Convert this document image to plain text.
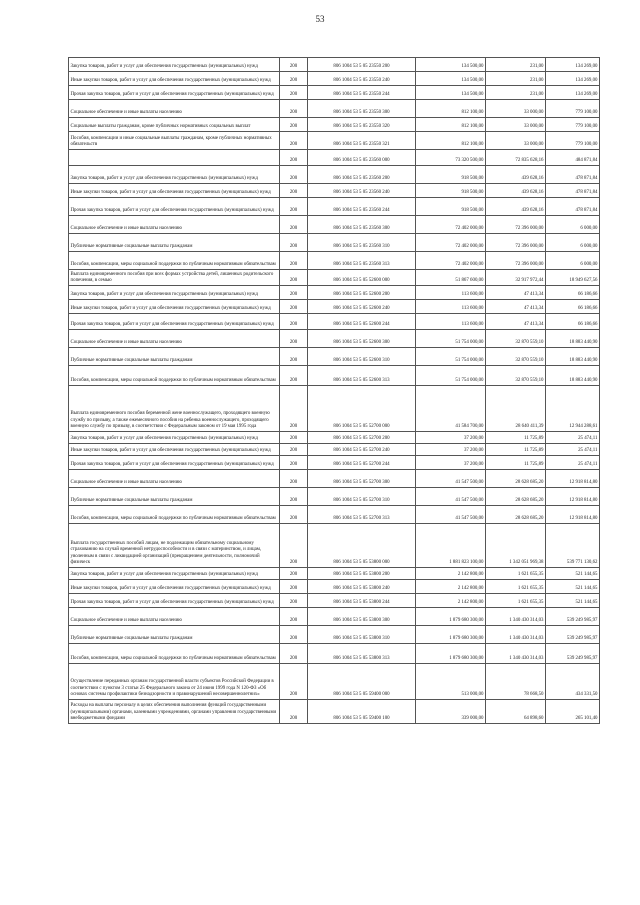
53
Закупка товаров, работ и услуг для обеспечения государственных (муниципальных) нужд	200	806 1004 53 5 05 23550 200	134 500,00	231,00	134 269,00
Иные закупки товаров, работ и услуг для обеспечения государственных (муниципальных) нужд	200	806 1004 53 5 05 23550 240	134 500,00	231,00	134 269,00
Прочая закупка товаров, работ и услуг для обеспечения государственных (муниципальных) нужд	200	806 1004 53 5 05 23550 244	134 500,00	231,00	134 269,00
Социальное обеспечение и иные выплаты населению	200	806 1004 53 5 05 23550 300	812 100,00	33 000,00	779 100,00
Социальные выплаты гражданам, кроме публичных нормативных социальных выплат	200	806 1004 53 5 05 23550 320	812 100,00	33 000,00	779 100,00
Пособия, компенсации и иные социальные выплаты гражданам, кроме публичных нормативных обязательств	200	806 1004 53 5 05 23550 321	812 100,00	33 000,00	779 100,00
	200	806 1004 53 5 05 23560 000	73 320 500,00	72 835 628,16	484 871,84
Закупка товаров, работ и услуг для обеспечения государственных (муниципальных) нужд	200	806 1004 53 5 05 23560 200	918 500,00	439 628,16	478 871,84
Иные закупки товаров, работ и услуг для обеспечения государственных (муниципальных) нужд	200	806 1004 53 5 05 23560 240	918 500,00	439 628,16	478 871,84
Прочая закупка товаров, работ и услуг для обеспечения государственных (муниципальных) нужд	200	806 1004 53 5 05 23560 244	918 500,00	439 628,16	478 871,84
Социальное обеспечение и иные выплаты населению	200	806 1004 53 5 05 23560 300	72 402 000,00	72 396 000,00	6 000,00
Публичные нормативные социальные выплаты гражданам	200	806 1004 53 5 05 23560 310	72 402 000,00	72 396 000,00	6 000,00
Пособия, компенсации, меры социальной поддержки по публичным нормативным обязательствам	200	806 1004 53 5 05 23560 313	72 402 000,00	72 396 000,00	6 000,00
Выплата единовременного пособия при всех формах устройства детей, лишенных родительского попечения, в семью	200	806 1004 53 5 05 52600 000	51 867 600,00	32 917 972,44	18 949 627,56
Закупка товаров, работ и услуг для обеспечения государственных (муниципальных) нужд	200	806 1004 53 5 05 52600 200	113 600,00	47 413,34	66 186,66
Иные закупки товаров, работ и услуг для обеспечения государственных (муниципальных) нужд	200	806 1004 53 5 05 52600 240	113 600,00	47 413,34	66 186,66
Прочая закупка товаров, работ и услуг для обеспечения государственных (муниципальных) нужд	200	806 1004 53 5 05 52600 244	113 600,00	47 413,34	66 186,66
Социальное обеспечение и иные выплаты населению	200	806 1004 53 5 05 52600 300	51 754 000,00	32 870 559,10	18 883 440,90
Публичные нормативные социальные выплаты гражданам	200	806 1004 53 5 05 52600 310	51 754 000,00	32 870 559,10	18 883 440,90
Пособия, компенсации, меры социальной поддержки по публичным нормативным обязательствам	200	806 1004 53 5 05 52600 313	51 754 000,00	32 870 559,10	18 883 440,90
Выплата единовременного пособия беременной жене военнослужащего, проходящего военную службу по призыву, а также ежемесячного пособия на ребенка военнослужащего, проходящего военную службу по призыву, в соответствии с Федеральным законом от 19 мая 1995 года	200	806 1004 53 5 05 52700 000	41 584 700,00	28 640 411,39	12 944 288,61
Закупка товаров, работ и услуг для обеспечения государственных (муниципальных) нужд	200	806 1004 53 5 05 52700 200	37 200,00	11 725,89	25 474,11
Иные закупки товаров, работ и услуг для обеспечения государственных (муниципальных) нужд	200	806 1004 53 5 05 52700 240	37 200,00	11 725,89	25 474,11
Прочая закупка товаров, работ и услуг для обеспечения государственных (муниципальных) нужд	200	806 1004 53 5 05 52700 244	37 200,00	11 725,89	25 474,11
Социальное обеспечение и иные выплаты населению	200	806 1004 53 5 05 52700 300	41 547 500,00	28 628 685,20	12 918 814,80
Публичные нормативные социальные выплаты гражданам	200	806 1004 53 5 05 52700 310	41 547 500,00	28 628 685,20	12 918 814,80
Пособия, компенсации, меры социальной поддержки по публичным нормативным обязательствам	200	806 1004 53 5 05 52700 313	41 547 500,00	28 628 685,20	12 918 814,80
Выплата государственных пособий лицам, не подлежащим обязательному социальному страхованию на случай временной нетрудоспособности и в связи с материнством, и лицам, уволенным в связи с ликвидацией организаций (прекращением деятельности, полномочий физическ	200	806 1004 53 5 05 53800 000	1 881 823 100,00	1 342 051 969,38	539 771 130,62
Закупка товаров, работ и услуг для обеспечения государственных (муниципальных) нужд	200	806 1004 53 5 05 53800 200	2 142 800,00	1 621 655,35	521 144,65
Иные закупки товаров, работ и услуг для обеспечения государственных (муниципальных) нужд	200	806 1004 53 5 05 53800 240	2 142 800,00	1 621 655,35	521 144,65
Прочая закупка товаров, работ и услуг для обеспечения государственных (муниципальных) нужд	200	806 1004 53 5 05 53800 244	2 142 800,00	1 621 655,35	521 144,65
Социальное обеспечение и иные выплаты населению	200	806 1004 53 5 05 53800 300	1 879 680 300,00	1 340 430 314,03	539 249 985,97
Публичные нормативные социальные выплаты гражданам	200	806 1004 53 5 05 53800 310	1 879 680 300,00	1 340 430 314,03	539 249 985,97
Пособия, компенсации, меры социальной поддержки по публичным нормативным обязательствам	200	806 1004 53 5 05 53800 313	1 879 680 300,00	1 340 430 314,03	539 249 985,97
Осуществление переданных органам государственной власти субъектов Российской Федерации в соответствии с пунктом 3 статьи 25 Федерального закона от 24 июня 1999 года N 120-ФЗ «Об основах системы профилактики безнадзорности и правонарушений несовершеннолетних»	200	806 1004 53 5 05 59400 000	513 000,00	78 668,50	434 331,50
Расходы на выплаты персоналу в целях обеспечения выполнения функций государственными (муниципальными) органами, казенными учреждениями, органами управления государственными внебюджетными фондами	200	806 1004 53 5 05 59400 100	339 000,00	64 898,60	265 101,40
